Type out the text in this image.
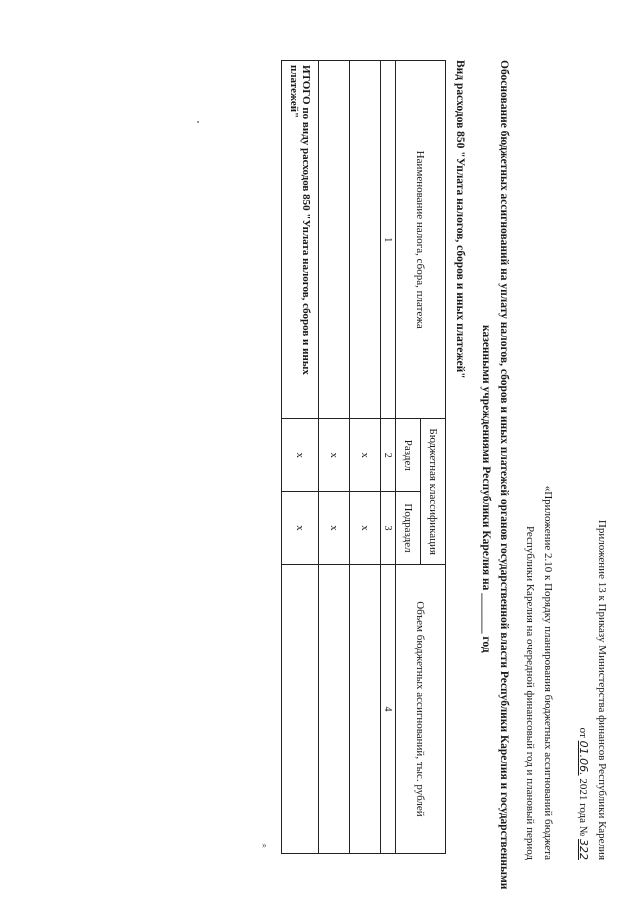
Приложение 13 к Приказу Министерства финансов Республики Карелия
от 01.06. 2021 года № 322
«Приложение 2.10 к Порядку планирования бюджетных ассигнований бюджета
Республики Карелия на очередной финансовый год и плановый период
Обоснование бюджетных ассигнований на уплату налогов, сборов и иных платежей органов государственной власти Республики Карелия и государственными
казенными учреждениями Республики Карелия на _______ год
Вид расходов 850 "Уплата налогов, сборов и иных платежей"
Наименование налога, сбора, платежа	Бюджетная классификация		Объем бюджетных ассигнований, тыс. рублей
	Раздел	Подраздел	
1	2	3	4
	x	x	
	x	x	
ИТОГО по виду расходов 850 "Уплата налогов, сборов и иных платежей"	x	x	
»
